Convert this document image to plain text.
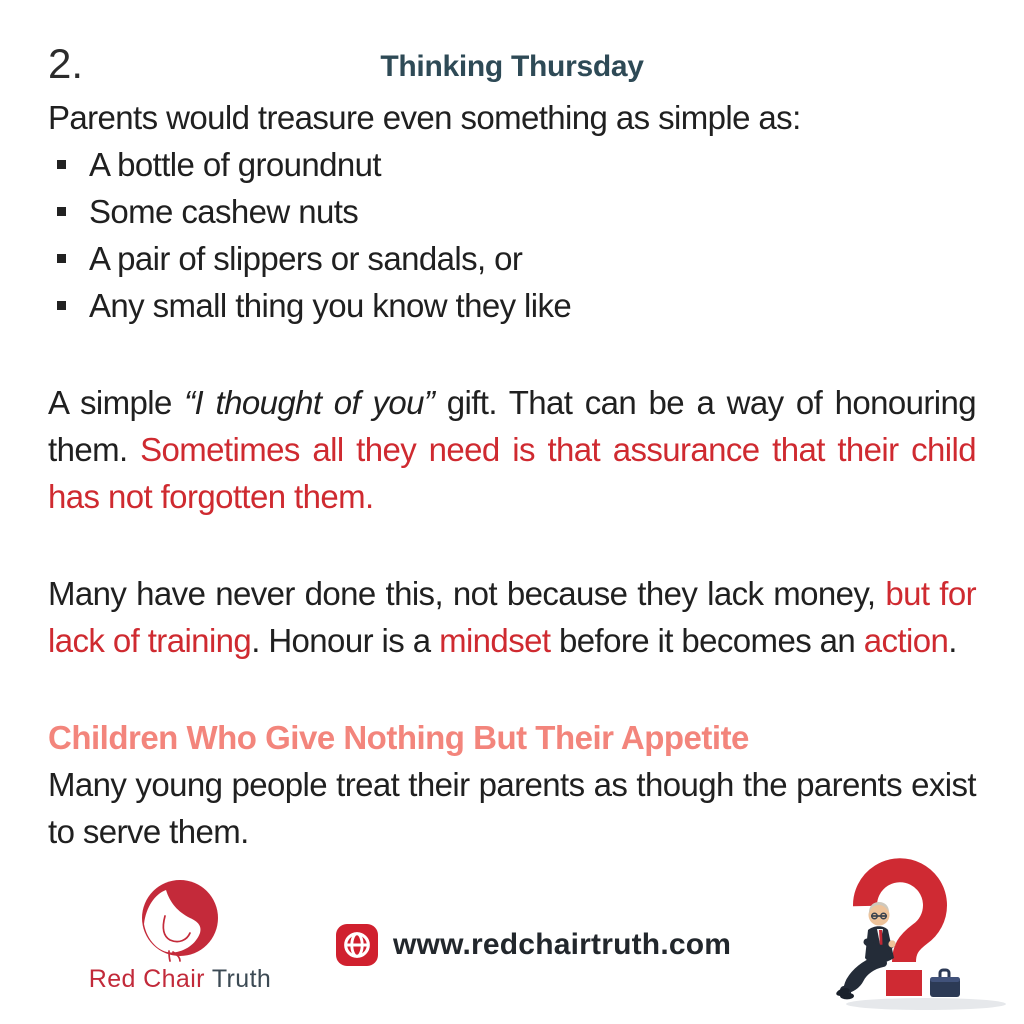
2.	Thinking Thursday

Parents would treasure even something as simple as:

A bottle of groundnut
Some cashew nuts
A pair of slippers or sandals, or
Any small thing you know they like

A simple “I thought of you” gift. That can be a way of honouring them. Sometimes all they need is that assurance that their child has not forgotten them.

Many have never done this, not because they lack money, but for lack of training. Honour is a mindset before it becomes an action.

Children Who Give Nothing But Their Appetite

Many young people treat their parents as though the parents exist to serve them.

Red Chair Truth
www.redchairtruth.com
